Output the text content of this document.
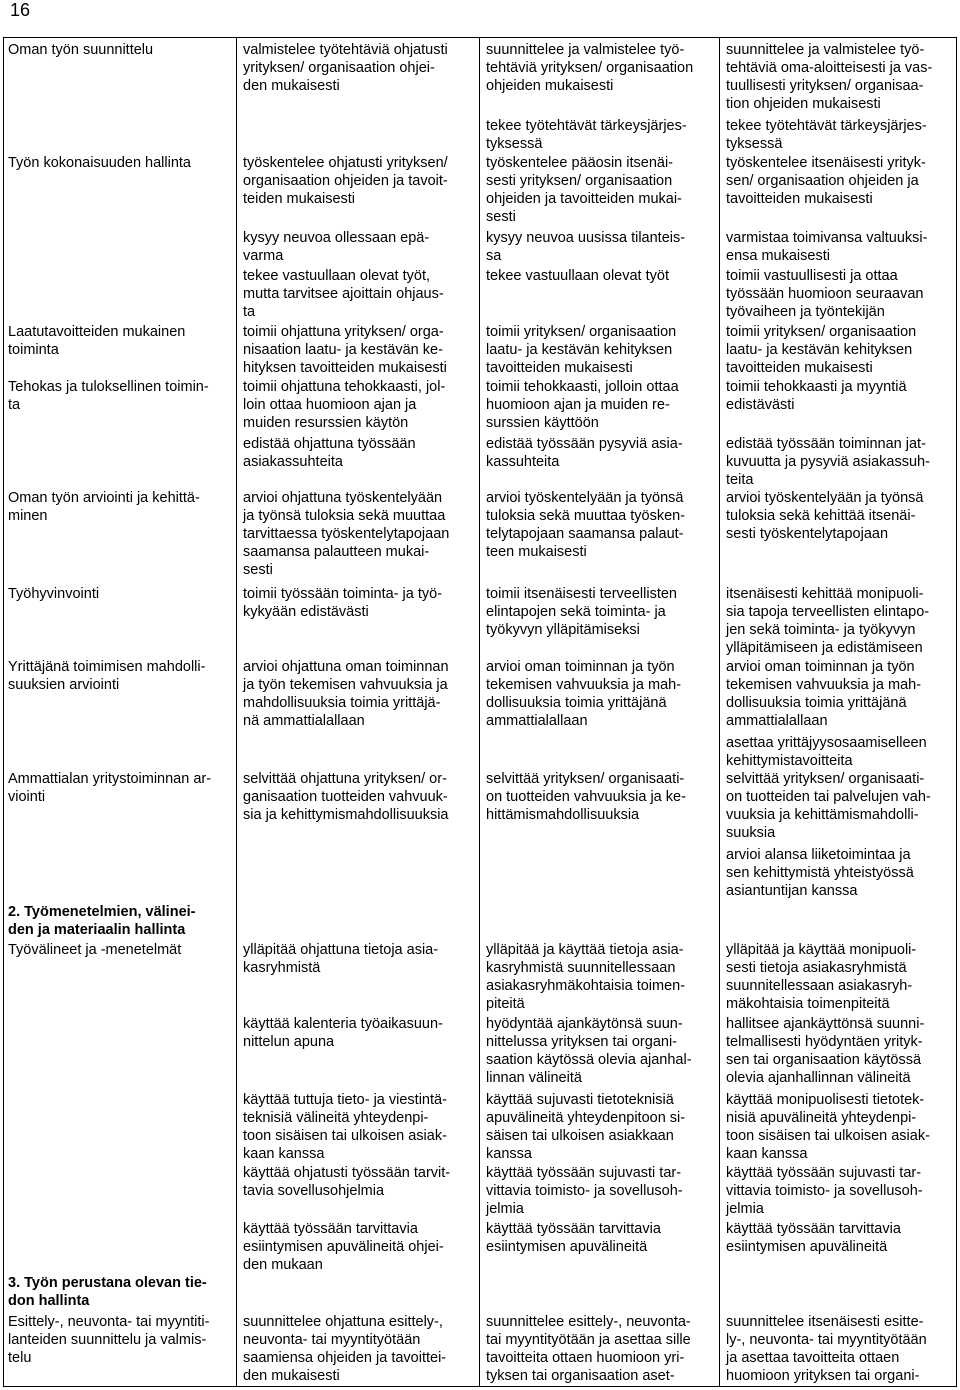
16
Oman työn suunnittelu
Työn kokonaisuuden hallinta
Laatutavoitteiden mukainen
toiminta
Tehokas ja tuloksellinen toimin-
ta
Oman työn arviointi ja kehittä-
minen
Työhyvinvointi
Yrittäjänä toimimisen mahdolli-
suuksien arviointi
Ammattialan yritystoiminnan ar-
viointi
2. Työmenetelmien, välinei-
den ja materiaalin hallinta
Työvälineet ja -menetelmät
3. Työn perustana olevan tie-
don hallinta
Esittely-, neuvonta- tai myyntiti-
lanteiden suunnittelu ja valmis-
telu
valmistelee työtehtäviä ohjatusti
yrityksen/ organisaation ohjei-
den mukaisesti
työskentelee ohjatusti yrityksen/
organisaation ohjeiden ja tavoit-
teiden mukaisesti
kysyy neuvoa ollessaan epä-
varma
tekee vastuullaan olevat työt,
mutta tarvitsee ajoittain ohjaus-
ta
toimii ohjattuna yrityksen/ orga-
nisaation laatu- ja kestävän ke-
hityksen tavoitteiden mukaisesti
toimii ohjattuna tehokkaasti, jol-
loin ottaa huomioon ajan ja
muiden resurssien käytön
edistää ohjattuna työssään
asiakassuhteita
arvioi ohjattuna työskentelyään
ja työnsä tuloksia sekä muuttaa
tarvittaessa työskentelytapojaan
saamansa palautteen mukai-
sesti
toimii työssään toiminta- ja työ-
kykyään edistävästi
arvioi ohjattuna oman toiminnan
ja työn tekemisen vahvuuksia ja
mahdollisuuksia toimia yrittäjä-
nä ammattialallaan
selvittää ohjattuna yrityksen/ or-
ganisaation tuotteiden vahvuuk-
sia ja kehittymismahdollisuuksia
ylläpitää ohjattuna tietoja asia-
kasryhmistä
käyttää kalenteria työaikasuun-
nittelun apuna
käyttää tuttuja tieto- ja viestintä-
teknisiä välineitä yhteydenpi-
toon sisäisen tai ulkoisen asiak-
kaan kanssa
käyttää ohjatusti työssään tarvit-
tavia sovellusohjelmia
käyttää työssään tarvittavia
esiintymisen apuvälineitä ohjei-
den mukaan
suunnittelee ohjattuna esittely-,
neuvonta- tai myyntityötään
saamiensa ohjeiden ja tavoittei-
den mukaisesti
suunnittelee ja valmistelee työ-
tehtäviä yrityksen/ organisaation
ohjeiden mukaisesti
tekee työtehtävät tärkeysjärjes-
tyksessä
työskentelee pääosin itsenäi-
sesti yrityksen/ organisaation
ohjeiden ja tavoitteiden mukai-
sesti
kysyy neuvoa uusissa tilanteis-
sa
tekee vastuullaan olevat työt
toimii yrityksen/ organisaation
laatu- ja kestävän kehityksen
tavoitteiden mukaisesti
toimii tehokkaasti, jolloin ottaa
huomioon ajan ja muiden re-
surssien käyttöön
edistää työssään pysyviä asia-
kassuhteita
arvioi työskentelyään ja työnsä
tuloksia sekä muuttaa työsken-
telytapojaan saamansa palaut-
teen mukaisesti
toimii itsenäisesti terveellisten
elintapojen sekä toiminta- ja
työkyvyn ylläpitämiseksi
arvioi oman toiminnan ja työn
tekemisen vahvuuksia ja mah-
dollisuuksia toimia yrittäjänä
ammattialallaan
selvittää yrityksen/ organisaati-
on tuotteiden vahvuuksia ja ke-
hittämismahdollisuuksia
ylläpitää ja käyttää tietoja asia-
kasryhmistä suunnitellessaan
asiakasryhmäkohtaisia toimen-
piteitä
hyödyntää ajankäytönsä suun-
nittelussa yrityksen tai organi-
saation käytössä olevia ajanhal-
linnan välineitä
käyttää sujuvasti tietoteknisiä
apuvälineitä yhteydenpitoon si-
säisen tai ulkoisen asiakkaan
kanssa
käyttää työssään sujuvasti tar-
vittavia toimisto- ja sovellusoh-
jelmia
käyttää työssään tarvittavia
esiintymisen apuvälineitä
suunnittelee esittely-, neuvonta-
tai myyntityötään ja asettaa sille
tavoitteita ottaen huomioon yri-
tyksen tai organisaation aset-
suunnittelee ja valmistelee työ-
tehtäviä oma-aloitteisesti ja vas-
tuullisesti yrityksen/ organisaa-
tion ohjeiden mukaisesti
tekee työtehtävät tärkeysjärjes-
tyksessä
työskentelee itsenäisesti yrityk-
sen/ organisaation ohjeiden ja
tavoitteiden mukaisesti
varmistaa toimivansa valtuuksi-
ensa mukaisesti
toimii vastuullisesti ja ottaa
työssään huomioon seuraavan
työvaiheen ja työntekijän
toimii yrityksen/ organisaation
laatu- ja kestävän kehityksen
tavoitteiden mukaisesti
toimii tehokkaasti ja myyntiä
edistävästi
edistää työssään toiminnan jat-
kuvuutta ja pysyviä asiakassuh-
teita
arvioi työskentelyään ja työnsä
tuloksia sekä kehittää itsenäi-
sesti työskentelytapojaan
itsenäisesti kehittää monipuoli-
sia tapoja terveellisten elintapo-
jen sekä toiminta- ja työkyvyn
ylläpitämiseen ja edistämiseen
arvioi oman toiminnan ja työn
tekemisen vahvuuksia ja mah-
dollisuuksia toimia yrittäjänä
ammattialallaan
asettaa yrittäjyysosaamiselleen
kehittymistavoitteita
selvittää yrityksen/ organisaati-
on tuotteiden tai palvelujen vah-
vuuksia ja kehittämismahdolli-
suuksia
arvioi alansa liiketoimintaa ja
sen kehittymistä yhteistyössä
asiantuntijan kanssa
ylläpitää ja käyttää monipuoli-
sesti tietoja asiakasryhmistä
suunnitellessaan asiakasryh-
mäkohtaisia toimenpiteitä
hallitsee ajankäyttönsä suunni-
telmallisesti hyödyntäen yrityk-
sen tai organisaation käytössä
olevia ajanhallinnan välineitä
käyttää monipuolisesti tietotek-
nisiä apuvälineitä yhteydenpi-
toon sisäisen tai ulkoisen asiak-
kaan kanssa
käyttää työssään sujuvasti tar-
vittavia toimisto- ja sovellusoh-
jelmia
käyttää työssään tarvittavia
esiintymisen apuvälineitä
suunnittelee itsenäisesti esitte-
ly-, neuvonta- tai myyntityötään
ja asettaa tavoitteita ottaen
huomioon yrityksen tai organi-
